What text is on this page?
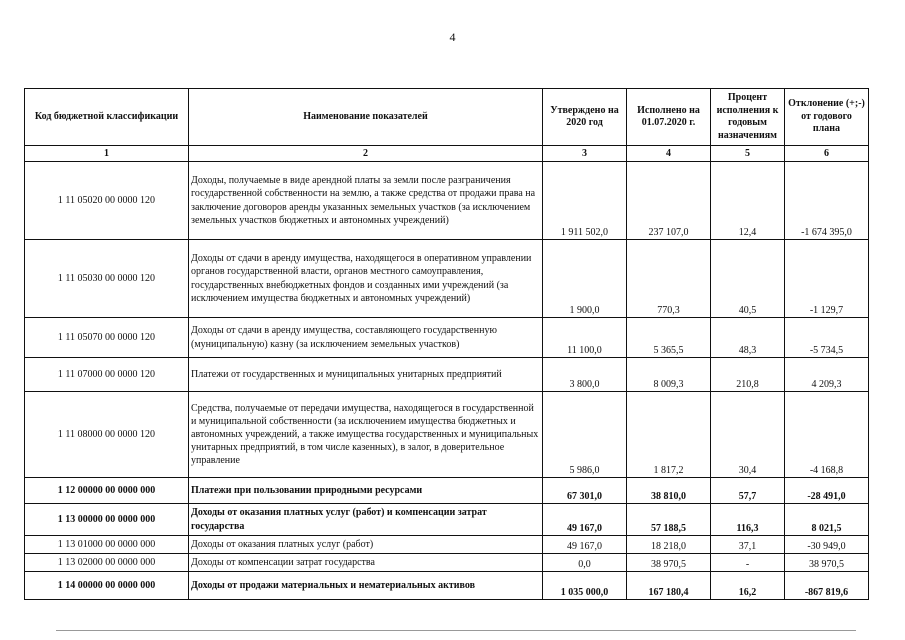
4
Код бюджетной классификации	Наименование показателей	Утверждено на 2020 год	Исполнено на 01.07.2020 г.	Процент исполнения к годовым назначениям	Отклонение (+;-) от годового плана
1	2	3	4	5	6
1 11 05020 00 0000 120	Доходы, получаемые в виде арендной платы за земли после разграничения государственной собственности на землю, а также средства от продажи права на заключение договоров аренды указанных земельных участков (за исключением земельных участков бюджетных и автономных учреждений)	1 911 502,0	237 107,0	12,4	-1 674 395,0
1 11 05030 00 0000 120	Доходы от сдачи в аренду имущества, находящегося в оперативном управлении органов государственной власти, органов местного самоуправления, государственных внебюджетных фондов и созданных ими учреждений (за исключением имущества бюджетных и автономных учреждений)	1 900,0	770,3	40,5	-1 129,7
1 11 05070 00 0000 120	Доходы от сдачи в аренду имущества, составляющего государственную (муниципальную) казну (за исключением земельных участков)	11 100,0	5 365,5	48,3	-5 734,5
1 11 07000 00 0000 120	Платежи от государственных и муниципальных унитарных предприятий	3 800,0	8 009,3	210,8	4 209,3
1 11 08000 00 0000 120	Средства, получаемые от передачи имущества, находящегося в государственной и муниципальной собственности (за исключением имущества бюджетных и автономных учреждений, а также имущества государственных и муниципальных унитарных предприятий, в том числе казенных), в залог, в доверительное управление	5 986,0	1 817,2	30,4	-4 168,8
1 12 00000 00 0000 000	Платежи при пользовании природными ресурсами	67 301,0	38 810,0	57,7	-28 491,0
1 13 00000 00 0000 000	Доходы от оказания платных услуг (работ) и компенсации затрат государства	49 167,0	57 188,5	116,3	8 021,5
1 13 01000 00 0000 000	Доходы от оказания платных услуг (работ)	49 167,0	18 218,0	37,1	-30 949,0
1 13 02000 00 0000 000	Доходы от компенсации затрат государства	0,0	38 970,5	-	38 970,5
1 14 00000 00 0000 000	Доходы от продажи материальных и нематериальных активов	1 035 000,0	167 180,4	16,2	-867 819,6
